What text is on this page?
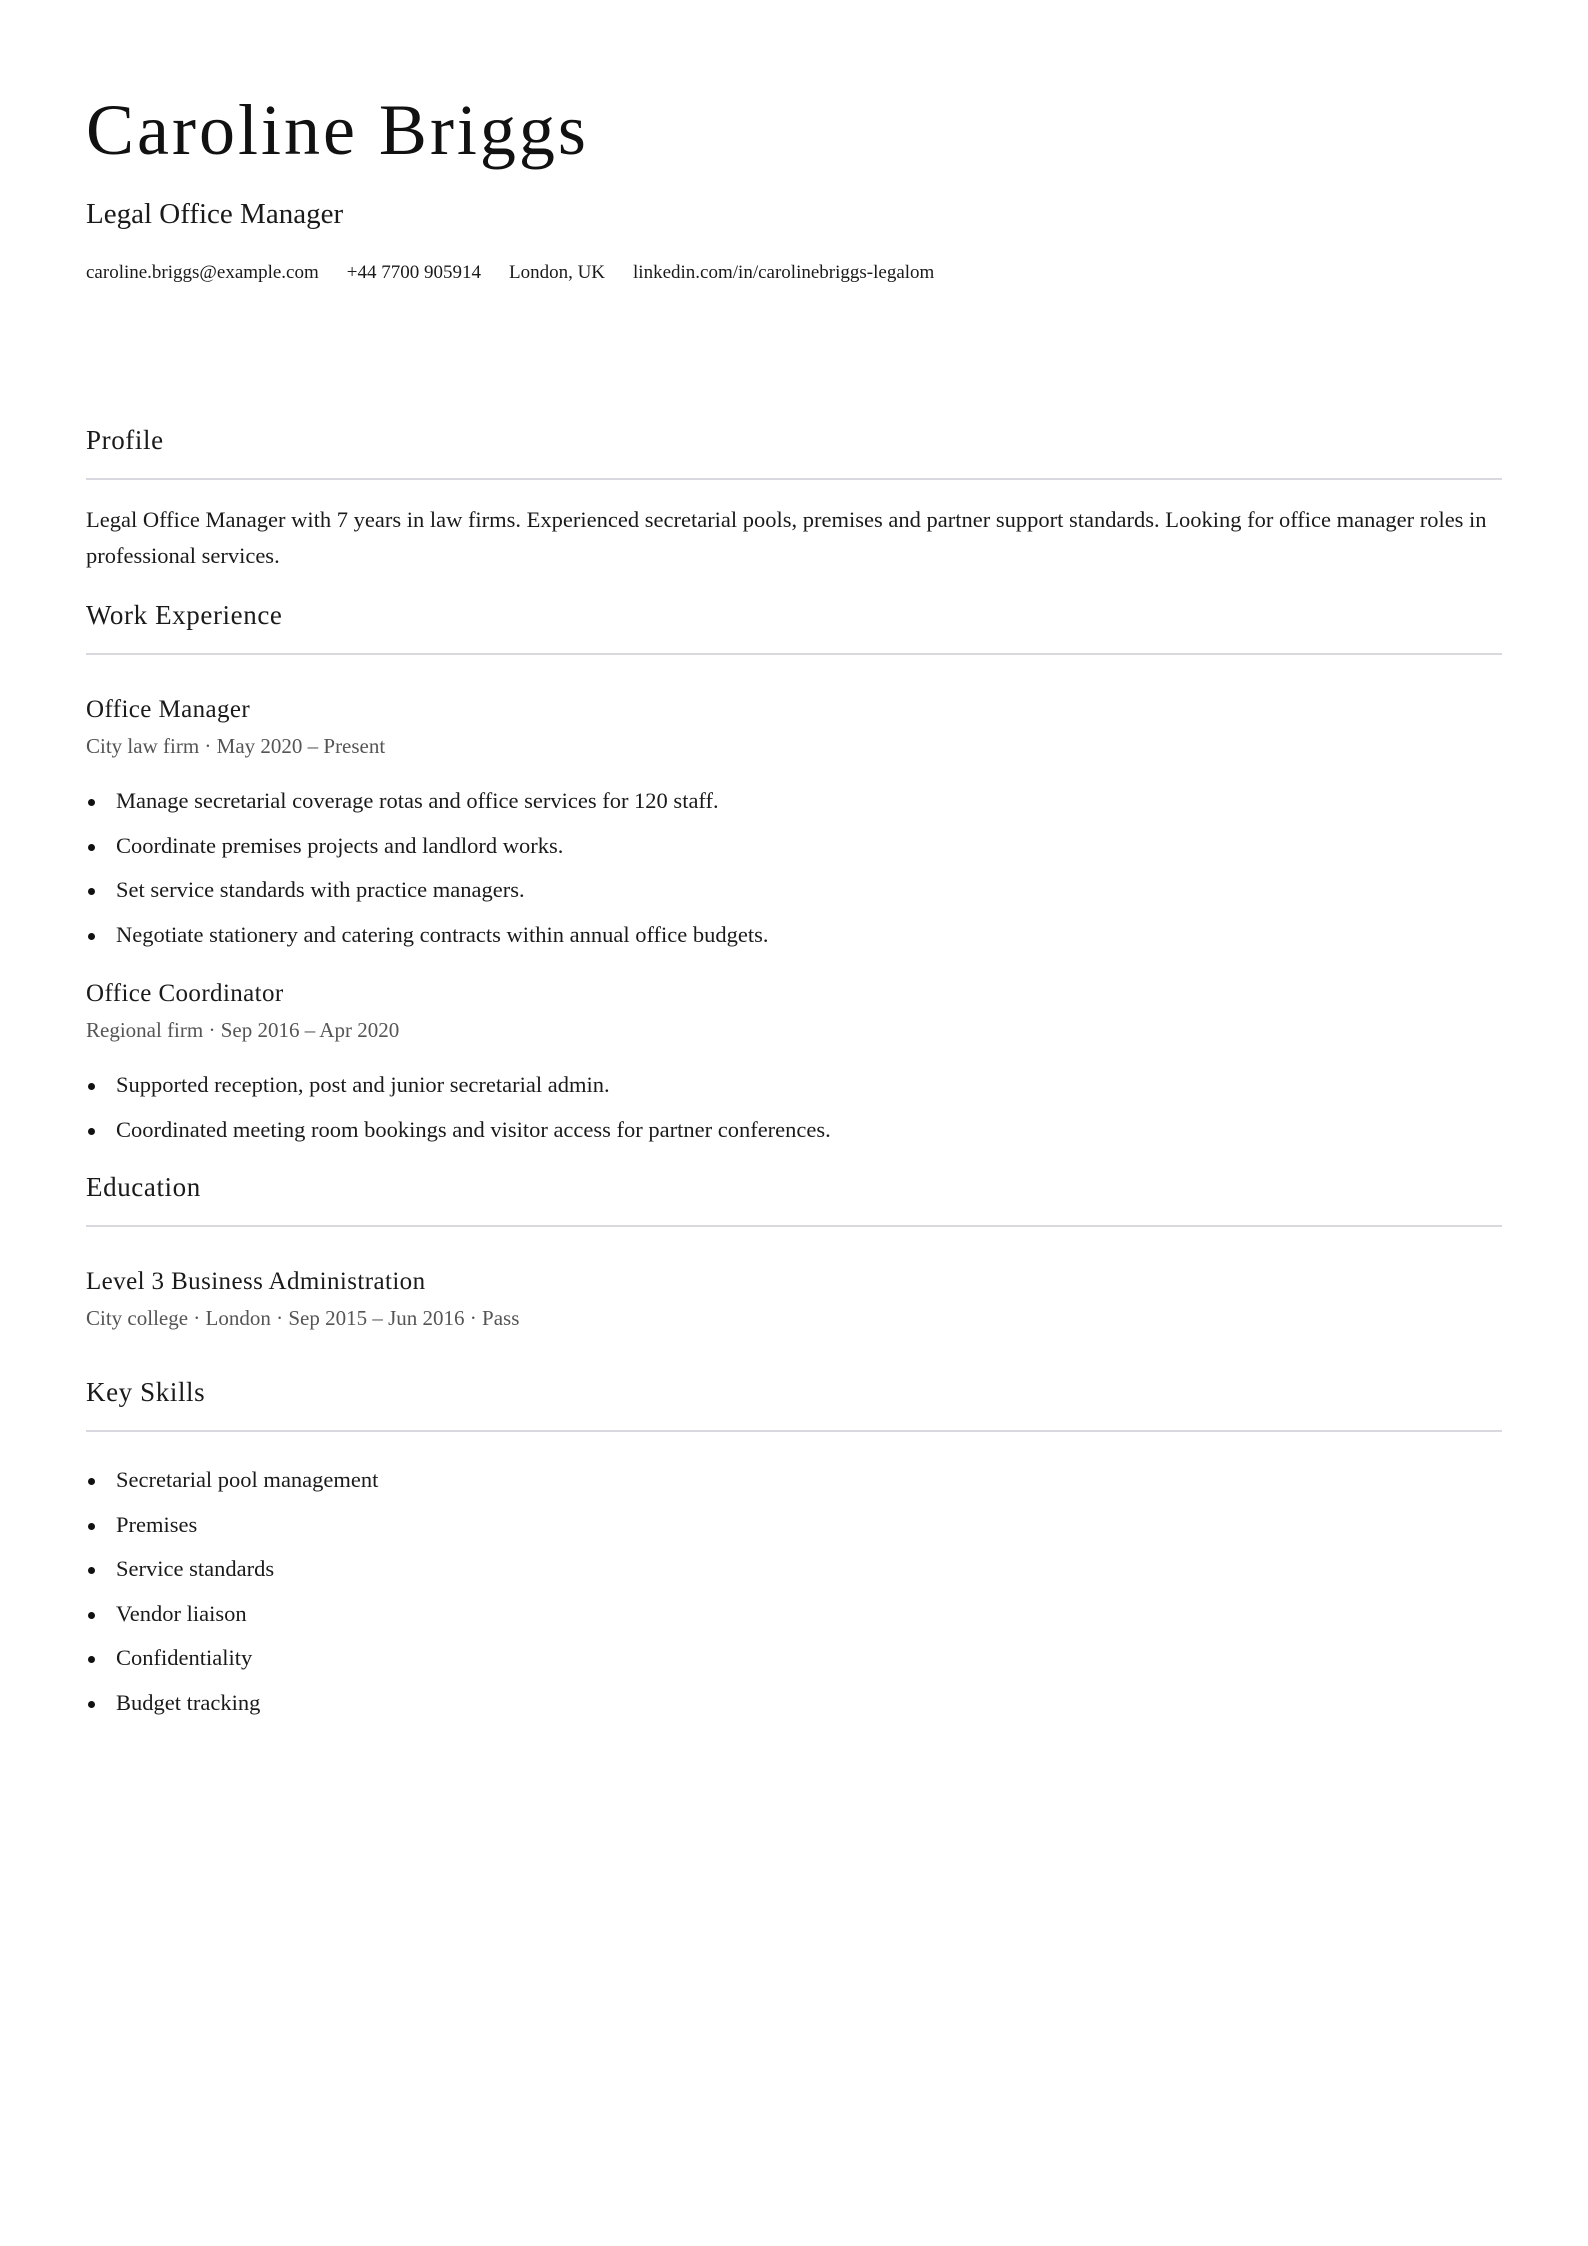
Caroline Briggs
Legal Office Manager
caroline.briggs@example.com +44 7700 905914 London, UK linkedin.com/in/carolinebriggs-legalom
Profile

Legal Office Manager with 7 years in law firms. Experienced secretarial pools, premises and partner support standards. Looking for office manager roles in professional services.

Work Experience
Office Manager

City law firm · May 2020 – Present

Manage secretarial coverage rotas and office services for 120 staff.
Coordinate premises projects and landlord works.
Set service standards with practice managers.
Negotiate stationery and catering contracts within annual office budgets.
Office Coordinator

Regional firm · Sep 2016 – Apr 2020

Supported reception, post and junior secretarial admin.
Coordinated meeting room bookings and visitor access for partner conferences.
Education
Level 3 Business Administration

City college · London · Sep 2015 – Jun 2016 · Pass

Key Skills
Secretarial pool management
Premises
Service standards
Vendor liaison
Confidentiality
Budget tracking
